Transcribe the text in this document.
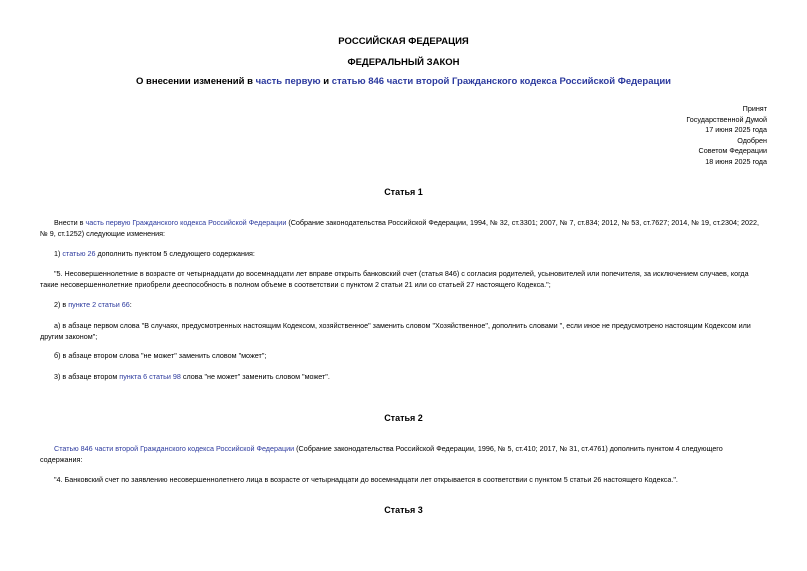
РОССИЙСКАЯ ФЕДЕРАЦИЯ
ФЕДЕРАЛЬНЫЙ ЗАКОН
О внесении изменений в часть первую и статью 846 части второй Гражданского кодекса Российской Федерации
Принят
Государственной Думой
17 июня 2025 года
Одобрен
Советом Федерации
18 июня 2025 года
Статья 1
Внести в часть первую Гражданского кодекса Российской Федерации (Собрание законодательства Российской Федерации, 1994, № 32, ст.3301; 2007, № 7, ст.834; 2012, № 53, ст.7627; 2014, № 19, ст.2304; 2022,
№ 9, ст.1252) следующие изменения:
1) статью 26 дополнить пунктом 5 следующего содержания:
"5. Несовершеннолетние в возрасте от четырнадцати до восемнадцати лет вправе открыть банковский счет (статья 846) с согласия родителей, усыновителей или попечителя, за исключением случаев, когда
такие несовершеннолетние приобрели дееспособность в полном объеме в соответствии с пунктом 2 статьи 21 или со статьей 27 настоящего Кодекса.";
2) в пункте 2 статьи 66:
а) в абзаце первом слова "В случаях, предусмотренных настоящим Кодексом, хозяйственное" заменить словом "Хозяйственное", дополнить словами ", если иное не предусмотрено настоящим Кодексом или
другим законом";
б) в абзаце втором слова "не может" заменить словом "может";
3) в абзаце втором пункта 6 статьи 98 слова "не может" заменить словом "может".
Статья 2
Статью 846 части второй Гражданского кодекса Российской Федерации (Собрание законодательства Российской Федерации, 1996, № 5, ст.410; 2017, № 31, ст.4761) дополнить пунктом 4 следующего
содержания:
"4. Банковский счет по заявлению несовершеннолетнего лица в возрасте от четырнадцати до восемнадцати лет открывается в соответствии с пунктом 5 статьи 26 настоящего Кодекса.".
Статья 3
